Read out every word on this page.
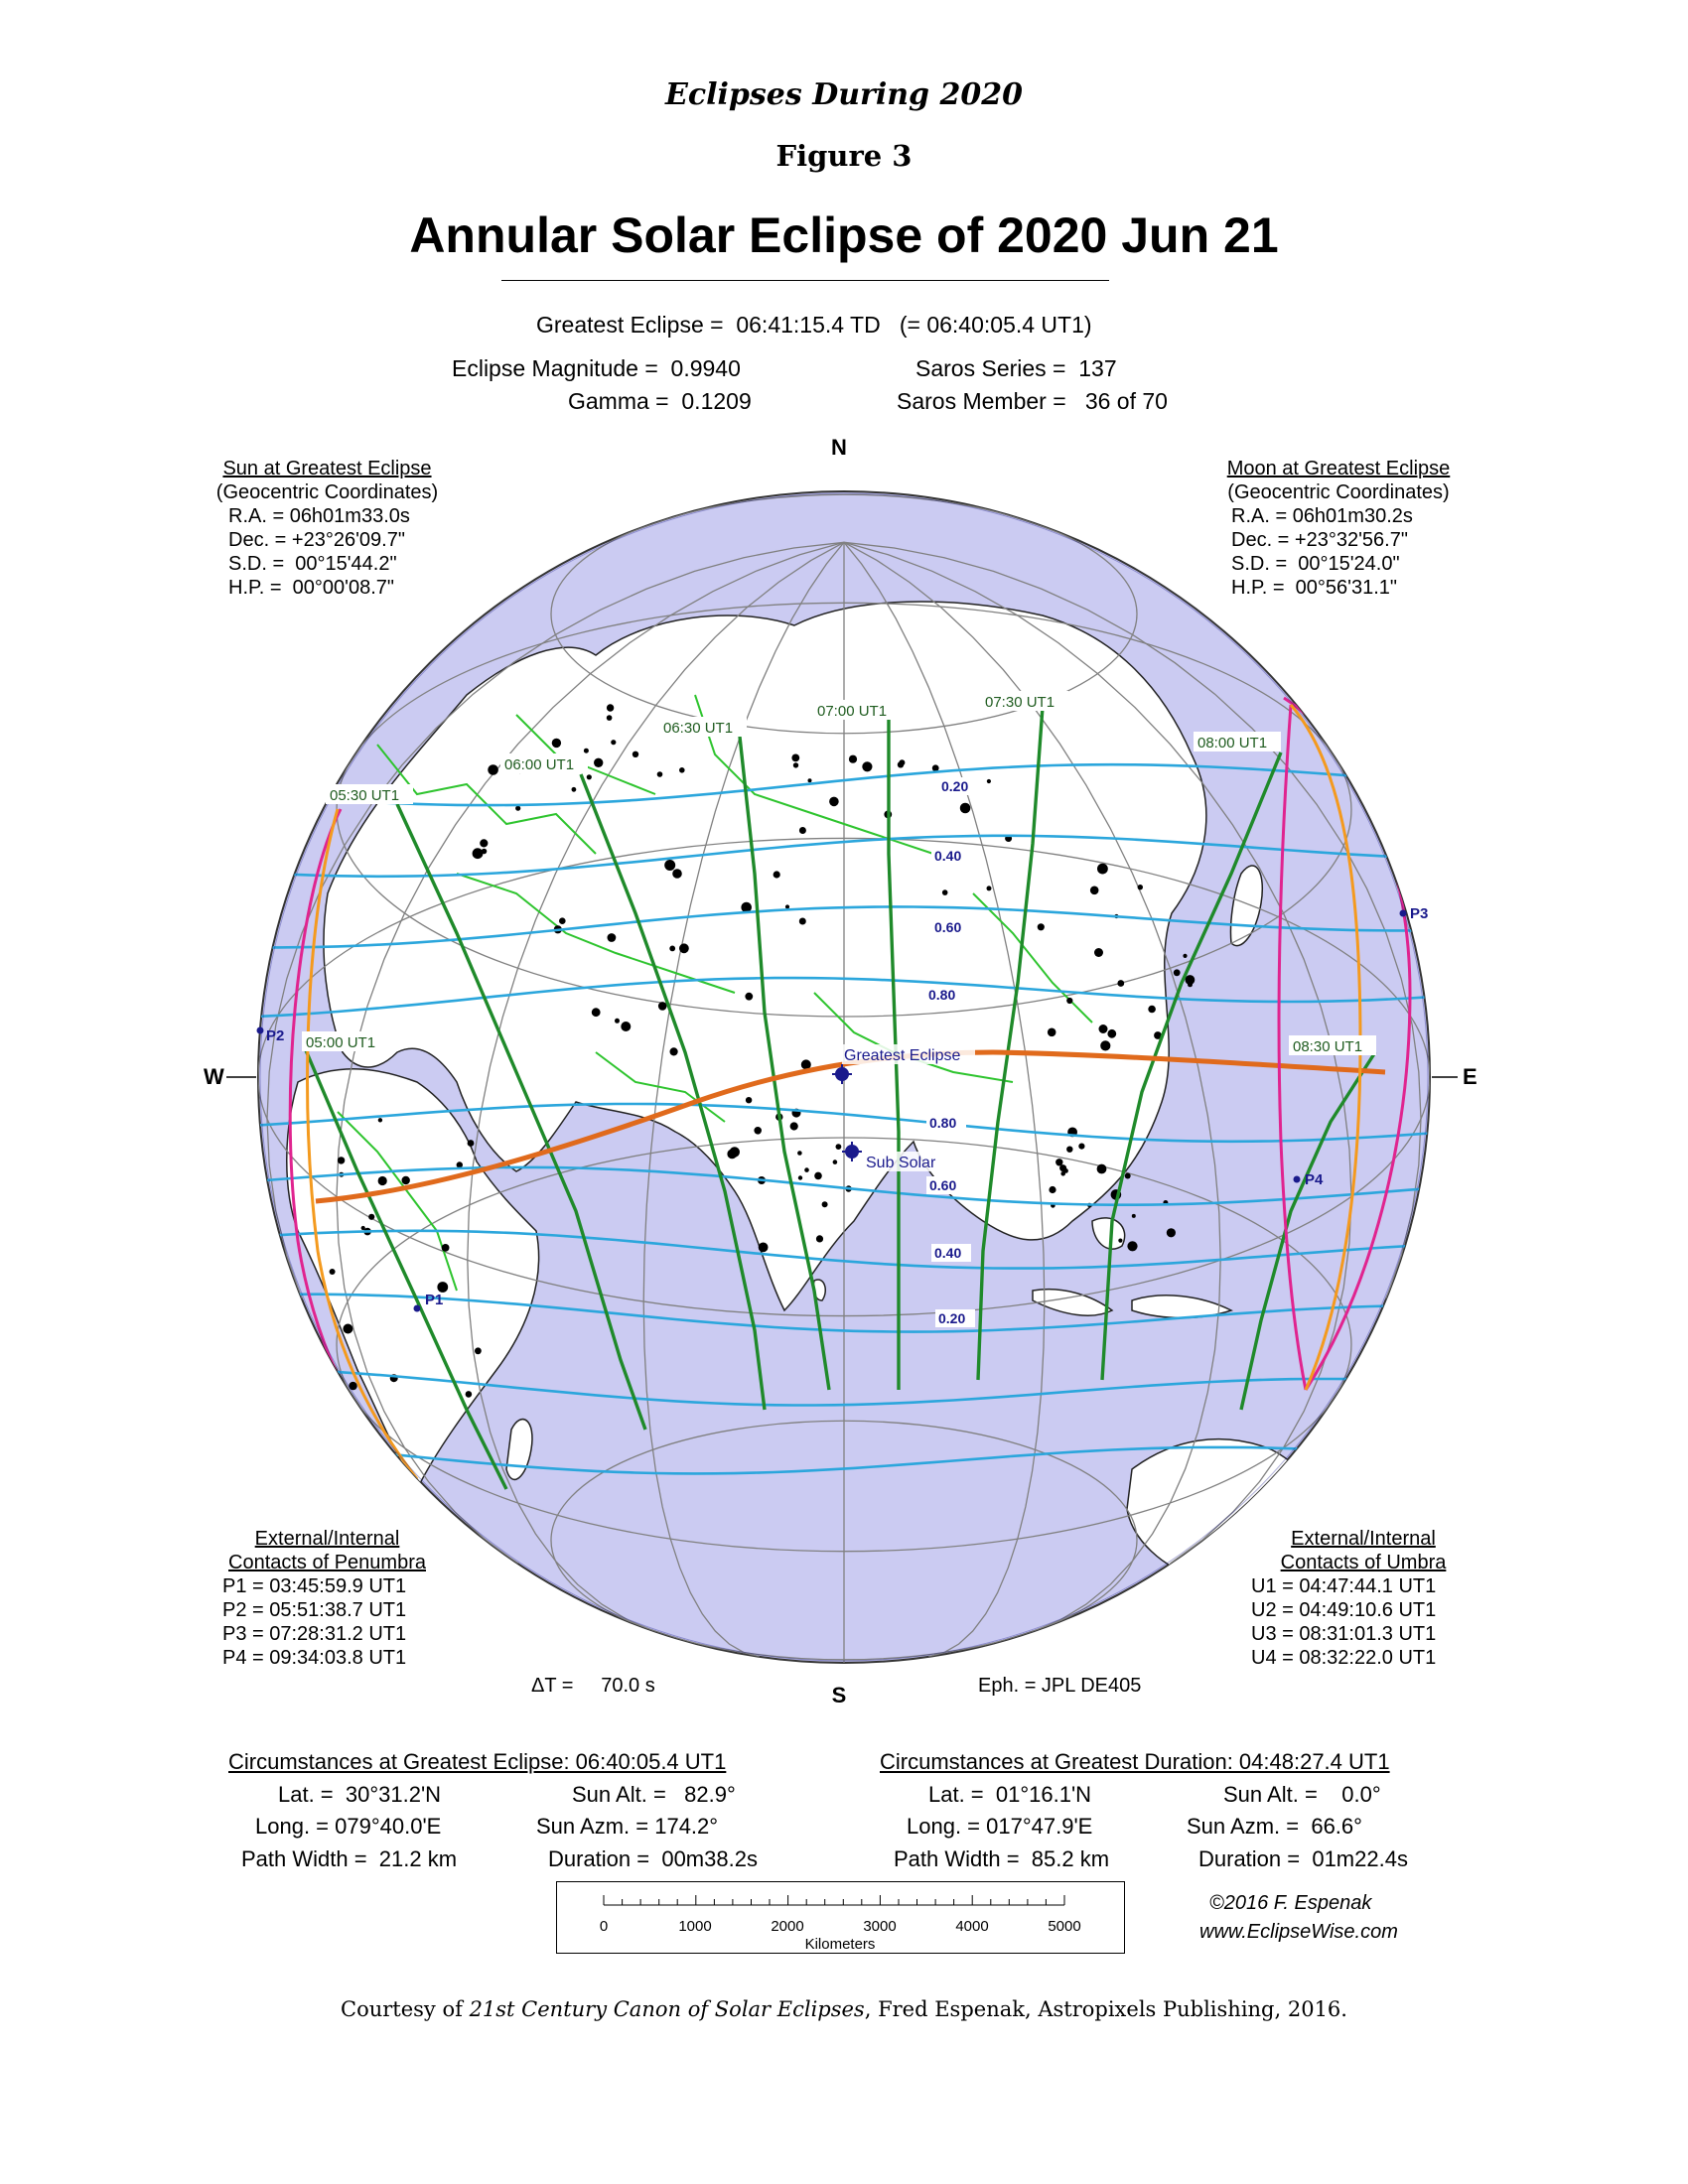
Eclipses During 2020
Figure 3
Annular Solar Eclipse of 2020 Jun 21
Greatest Eclipse =  06:41:15.4 TD   (= 06:40:05.4 UT1)
Eclipse Magnitude =  0.9940
Gamma =  0.1209
Saros Series =  137
Saros Member =   36 of 70
Sun at Greatest Eclipse
(Geocentric Coordinates)
R.A. = 06h01m33.0s
Dec. = +23°26'09.7"
S.D. =  00°15'44.2"
H.P. =  00°00'08.7"
Moon at Greatest Eclipse
(Geocentric Coordinates)
R.A. = 06h01m30.2s
Dec. = +23°32'56.7"
S.D. =  00°15'24.0"
H.P. =  00°56'31.1"
External/Internal
Contacts of Penumbra
P1 = 03:45:59.9 UT1
P2 = 05:51:38.7 UT1
P3 = 07:28:31.2 UT1
P4 = 09:34:03.8 UT1
External/Internal
Contacts of Umbra
U1 = 04:47:44.1 UT1
U2 = 04:49:10.6 UT1
U3 = 08:31:01.3 UT1
U4 = 08:32:22.0 UT1
ΔT =     70.0 s	Eph. = JPL DE405
N
S
W	E
05:00 UT1
05:30 UT1
06:00 UT1
06:30 UT1
07:00 UT1
07:30 UT1
08:00 UT1
08:30 UT1
0.20
0.40
0.60
0.80
0.80
0.60
0.40
0.20
P1
P2
P3
P4
Greatest Eclipse
Sub Solar
Circumstances at Greatest Eclipse: 06:40:05.4 UT1
Lat. =  30°31.2'N
Long. = 079°40.0'E
Path Width =  21.2 km
Sun Alt. =   82.9°
Sun Azm. = 174.2°
Duration =  00m38.2s
Circumstances at Greatest Duration: 04:48:27.4 UT1
Lat. =  01°16.1'N
Long. = 017°47.9'E
Path Width =  85.2 km
Sun Alt. =    0.0°
Sun Azm. =  66.6°
Duration =  01m22.4s
0	1000	2000	3000	4000	5000
Kilometers
©2016 F. Espenak
www.EclipseWise.com
Courtesy of 21st Century Canon of Solar Eclipses, Fred Espenak, Astropixels Publishing, 2016.
